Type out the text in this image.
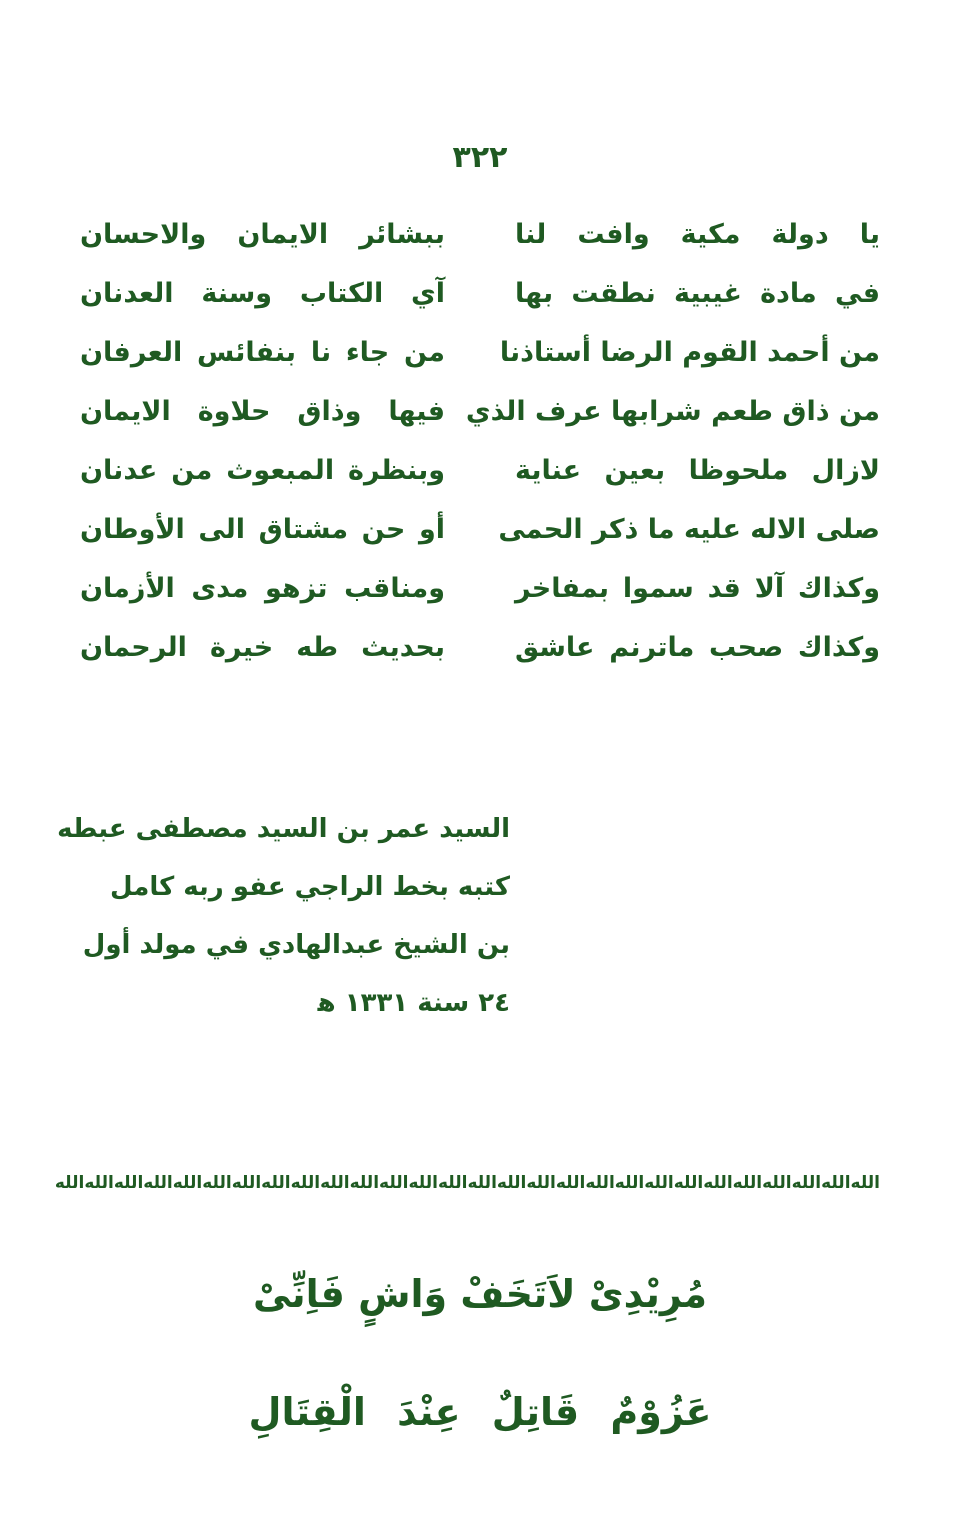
٣٢٢
يا دولة مكية وافت لنا
ببشائر الايمان والاحسان
في مادة غيبية نطقت بها
آي الكتاب وسنة العدنان
من أحمد القوم الرضا أستاذنا
من جاء نا بنفائس العرفان
من ذاق طعم شرابها عرف الذي
فيها وذاق حلاوة الايمان
لازال ملحوظا بعين عناية
وبنظرة المبعوث من عدنان
صلى الاله عليه ما ذكر الحمى
أو حن مشتاق الى الأوطان
وكذاك آلا قد سموا بمفاخر
ومناقب تزهو مدى الأزمان
وكذاك صحب ماترنم عاشق
بحديث طه خيرة الرحمان
السيد عمر بن السيد مصطفى عبطه
كتبه بخط الراجي عفو ربه كامل
بن الشيخ عبدالهادي في مولد أول
٢٤ سنة ١٣٣١ ﻫ
الله
الله
الله
الله
الله
الله
الله
الله
الله
الله
الله
الله
الله
الله
الله
الله
الله
الله
الله
الله
الله
الله
الله
الله
الله
الله
الله
الله
مُرِيْدِىْ لاَتَخَفْ وَاشٍ فَاِنِّىْ
عَزُوْمٌ قَاتِلٌ عِنْدَ الْقِتَالِ
